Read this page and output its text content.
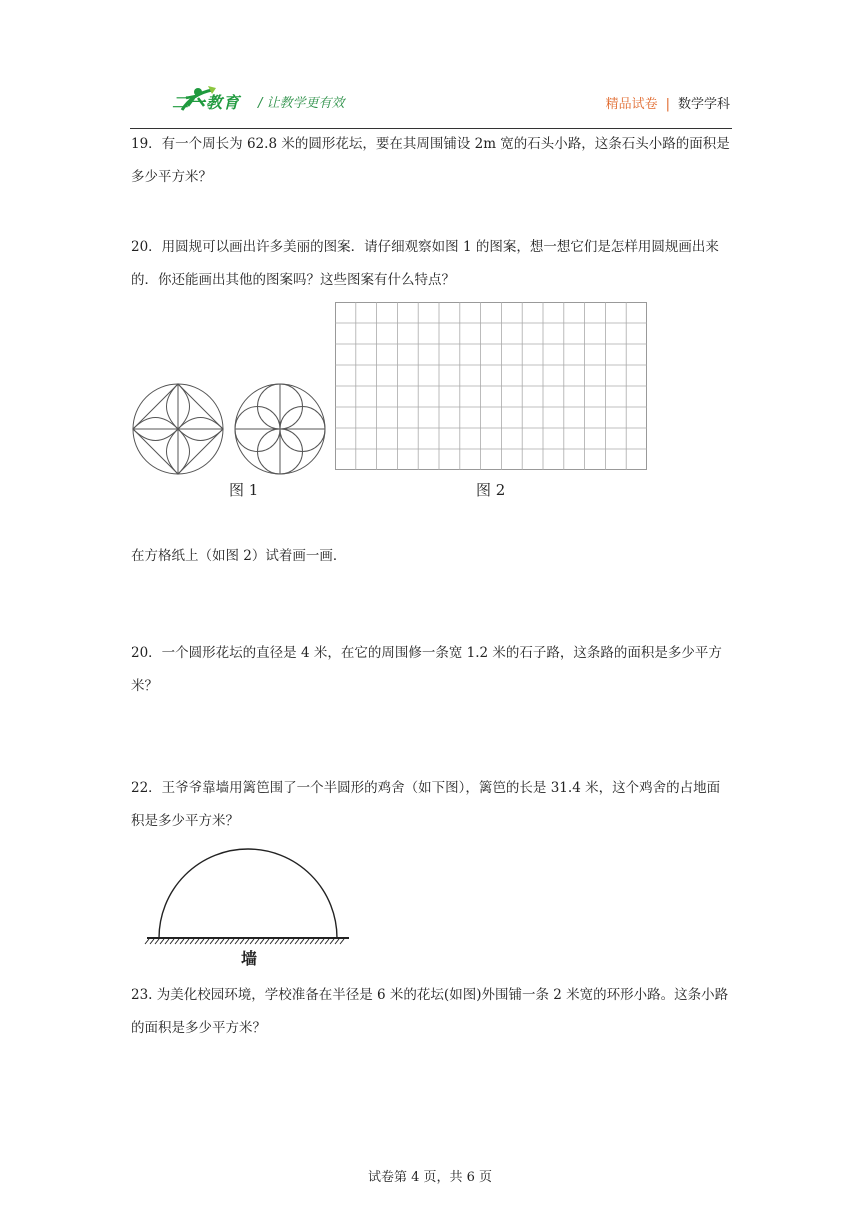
二一教育 / 让教学更有效	精品试卷 | 数学学科
19．有一个周长为 62.8 米的圆形花坛，要在其周围铺设 2m 宽的石头小路，这条石头小路的面积是多少平方米？
20．用圆规可以画出许多美丽的图案．请仔细观察如图 1 的图案，想一想它们是怎样用圆规画出来的．你还能画出其他的图案吗？这些图案有什么特点？
图 1	图 2
在方格纸上（如图 2）试着画一画．
20．一个圆形花坛的直径是 4 米，在它的周围修一条宽 1.2 米的石子路，这条路的面积是多少平方米？
22．王爷爷靠墙用篱笆围了一个半圆形的鸡舍（如下图），篱笆的长是 31.4 米，这个鸡舍的占地面积是多少平方米？
墙
23. 为美化校园环境，学校准备在半径是 6 米的花坛(如图)外围铺一条 2 米宽的环形小路。这条小路的面积是多少平方米？
试卷第 4 页，共 6 页
